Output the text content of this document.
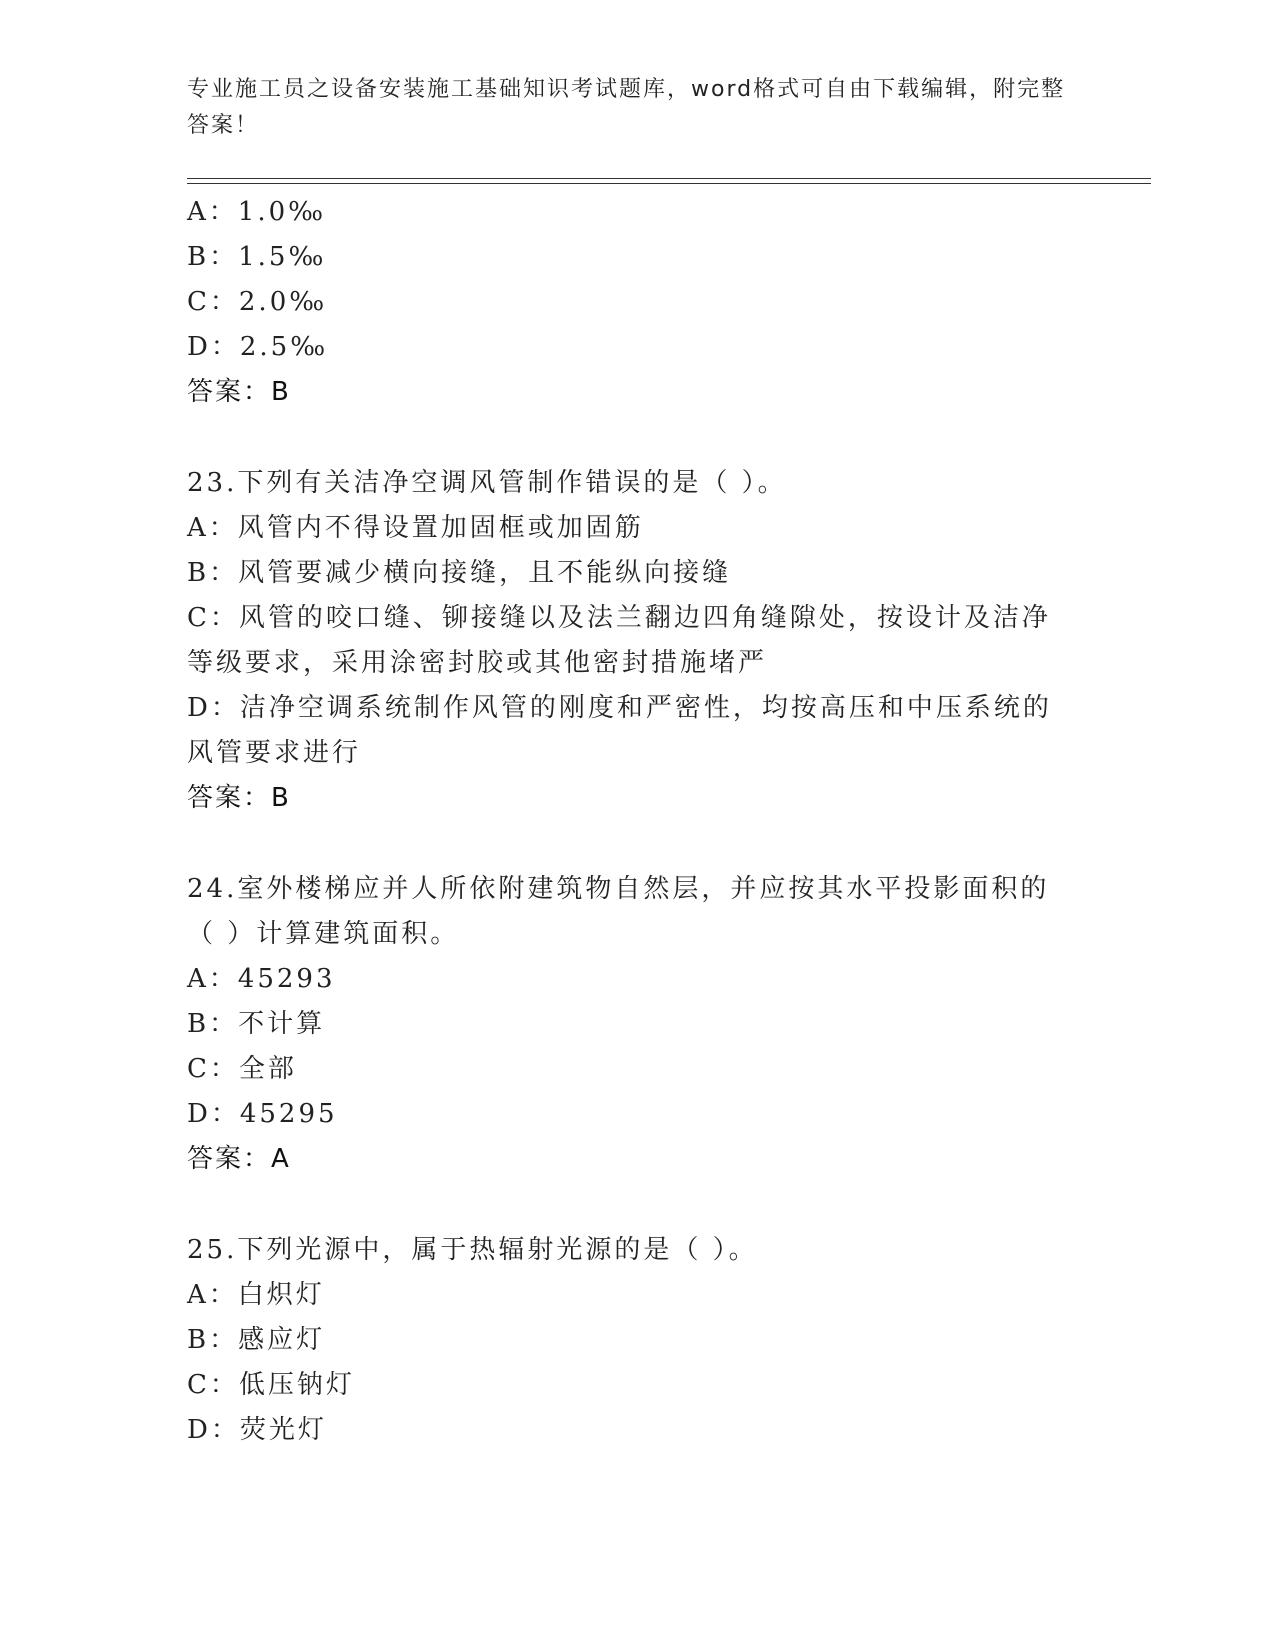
专业施工员之设备安装施工基础知识考试题库，word格式可自由下载编辑，附完整答案！
A：1.0‰
B：1.5‰
C：2.0‰
D：2.5‰
答案：B
23.下列有关洁净空调风管制作错误的是（ ）。
A：风管内不得设置加固框或加固筋
B：风管要减少横向接缝，且不能纵向接缝
C：风管的咬口缝、铆接缝以及法兰翻边四角缝隙处，按设计及洁净等级要求，采用涂密封胶或其他密封措施堵严
D：洁净空调系统制作风管的刚度和严密性，均按高压和中压系统的风管要求进行
答案：B
24.室外楼梯应并人所依附建筑物自然层，并应按其水平投影面积的（ ）计算建筑面积。
A：45293
B：不计算
C：全部
D：45295
答案：A
25.下列光源中，属于热辐射光源的是（ ）。
A：白炽灯
B：感应灯
C：低压钠灯
D：荧光灯
